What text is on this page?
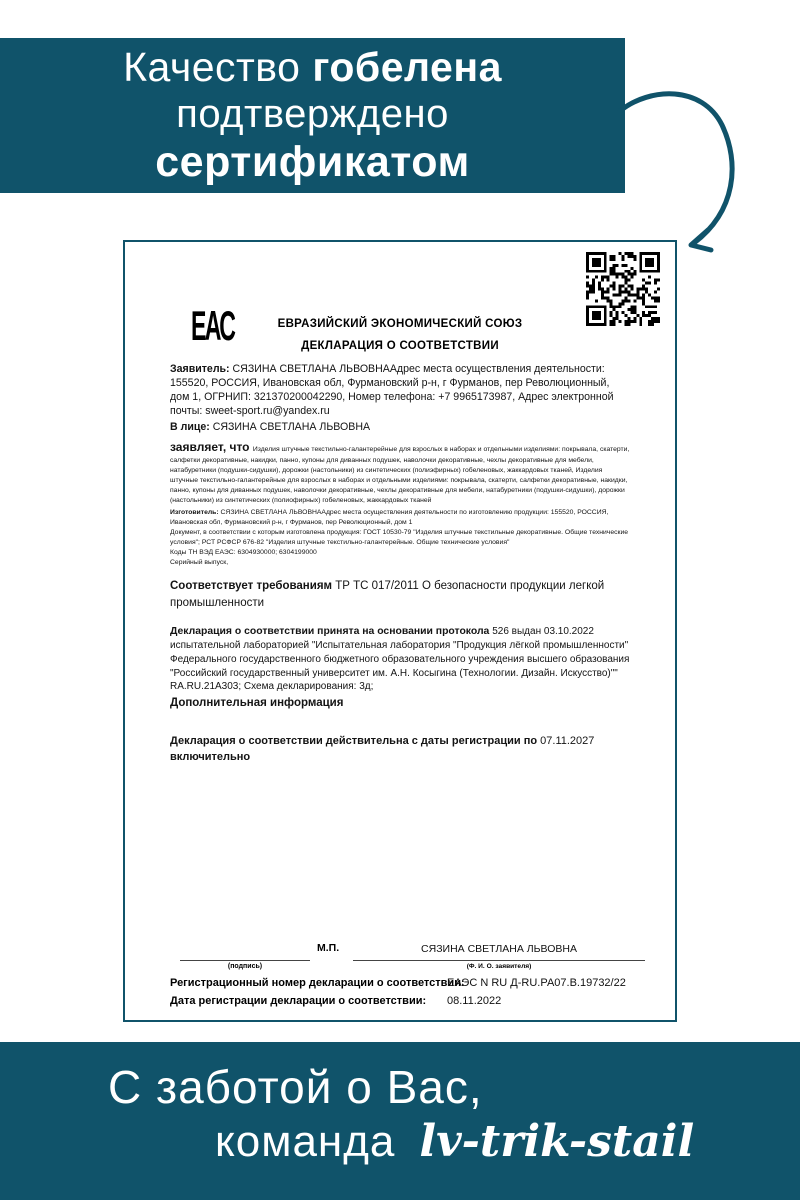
Качество гобелена
подтверждено
сертификатом
ЕАС	ЕВРАЗИЙСКИЙ ЭКОНОМИЧЕСКИЙ СОЮЗ
ДЕКЛАРАЦИЯ О СООТВЕТСТВИИ

Заявитель: СЯЗИНА СВЕТЛАНА ЛЬВОВНААдрес места осуществления деятельности: 155520, РОССИЯ, Ивановская обл, Фурмановский р-н, г Фурманов, пер Революционный, дом 1, ОГРНИП: 321370200042290, Номер телефона: +7 9965173987, Адрес электронной почты: sweet-sport.ru@yandex.ru

В лице: СЯЗИНА СВЕТЛАНА ЛЬВОВНА

заявляет, что Изделия штучные текстильно-галантерейные для взрослых в наборах и отдельными изделиями: покрывала, скатерти, салфетки декоративные, накидки, панно, купоны для диванных подушек, наволочки декоративные, чехлы декоративные для мебели, натабуретники (подушки-сидушки), дорожки (настольники) из синтетических (полиэфирных) гобеленовых, жаккардовых тканей, Изделия штучные текстильно-галантерейные для взрослых в наборах и отдельными изделиями: покрывала, скатерти, салфетки декоративные, накидки, панно, купоны для диванных подушек, наволочки декоративные, чехлы декоративные для мебели, натабуретники (подушки-сидушки), дорожки (настольники) из синтетических (полиофирных) гобеленовых, жаккардовых тканей

Изготовитель: СЯЗИНА СВЕТЛАНА ЛЬВОВНААдрес места осуществления деятельности по изготовлению продукции: 155520, РОССИЯ, Ивановская обл, Фурмановский р-н, г Фурманов, пер Революционный, дом 1

Документ, в соответствии с которым изготовлена продукция: ГОСТ 10530-79 "Изделия штучные текстильные декоративные. Общие технические условия"; РСТ РСФСР 676-82 "Изделия штучные текстильно-галантерейные. Общие технические условия"

Коды ТН ВЭД ЕАЭС: 6304930000; 6304199000

Серийный выпуск,

Соответствует требованиям ТР ТС 017/2011 О безопасности продукции легкой промышленности

Декларация о соответствии принята на основании протокола 526 выдан 03.10.2022 испытательной лабораторией "Испытательная лаборатория "Продукция лёгкой промышленности" Федерального государственного бюджетного образовательного учреждения высшего образования "Российский государственный университет им. А.Н. Косыгина (Технологии. Дизайн. Искусство)"" RA.RU.21А303; Схема декларирования: 3д;

Дополнительная информация

Декларация о соответствии действительна с даты регистрации по 07.11.2027 включительно

М.П.	СЯЗИНА СВЕТЛАНА ЛЬВОВНА
(подпись)	(Ф. И. О. заявителя)
Регистрационный номер декларации о соответствии:
ЕАЭС N RU Д-RU.РА07.В.19732/22
Дата регистрации декларации о соответствии: 08.11.2022
С заботой о Вас,
команда lv-trik-stail
